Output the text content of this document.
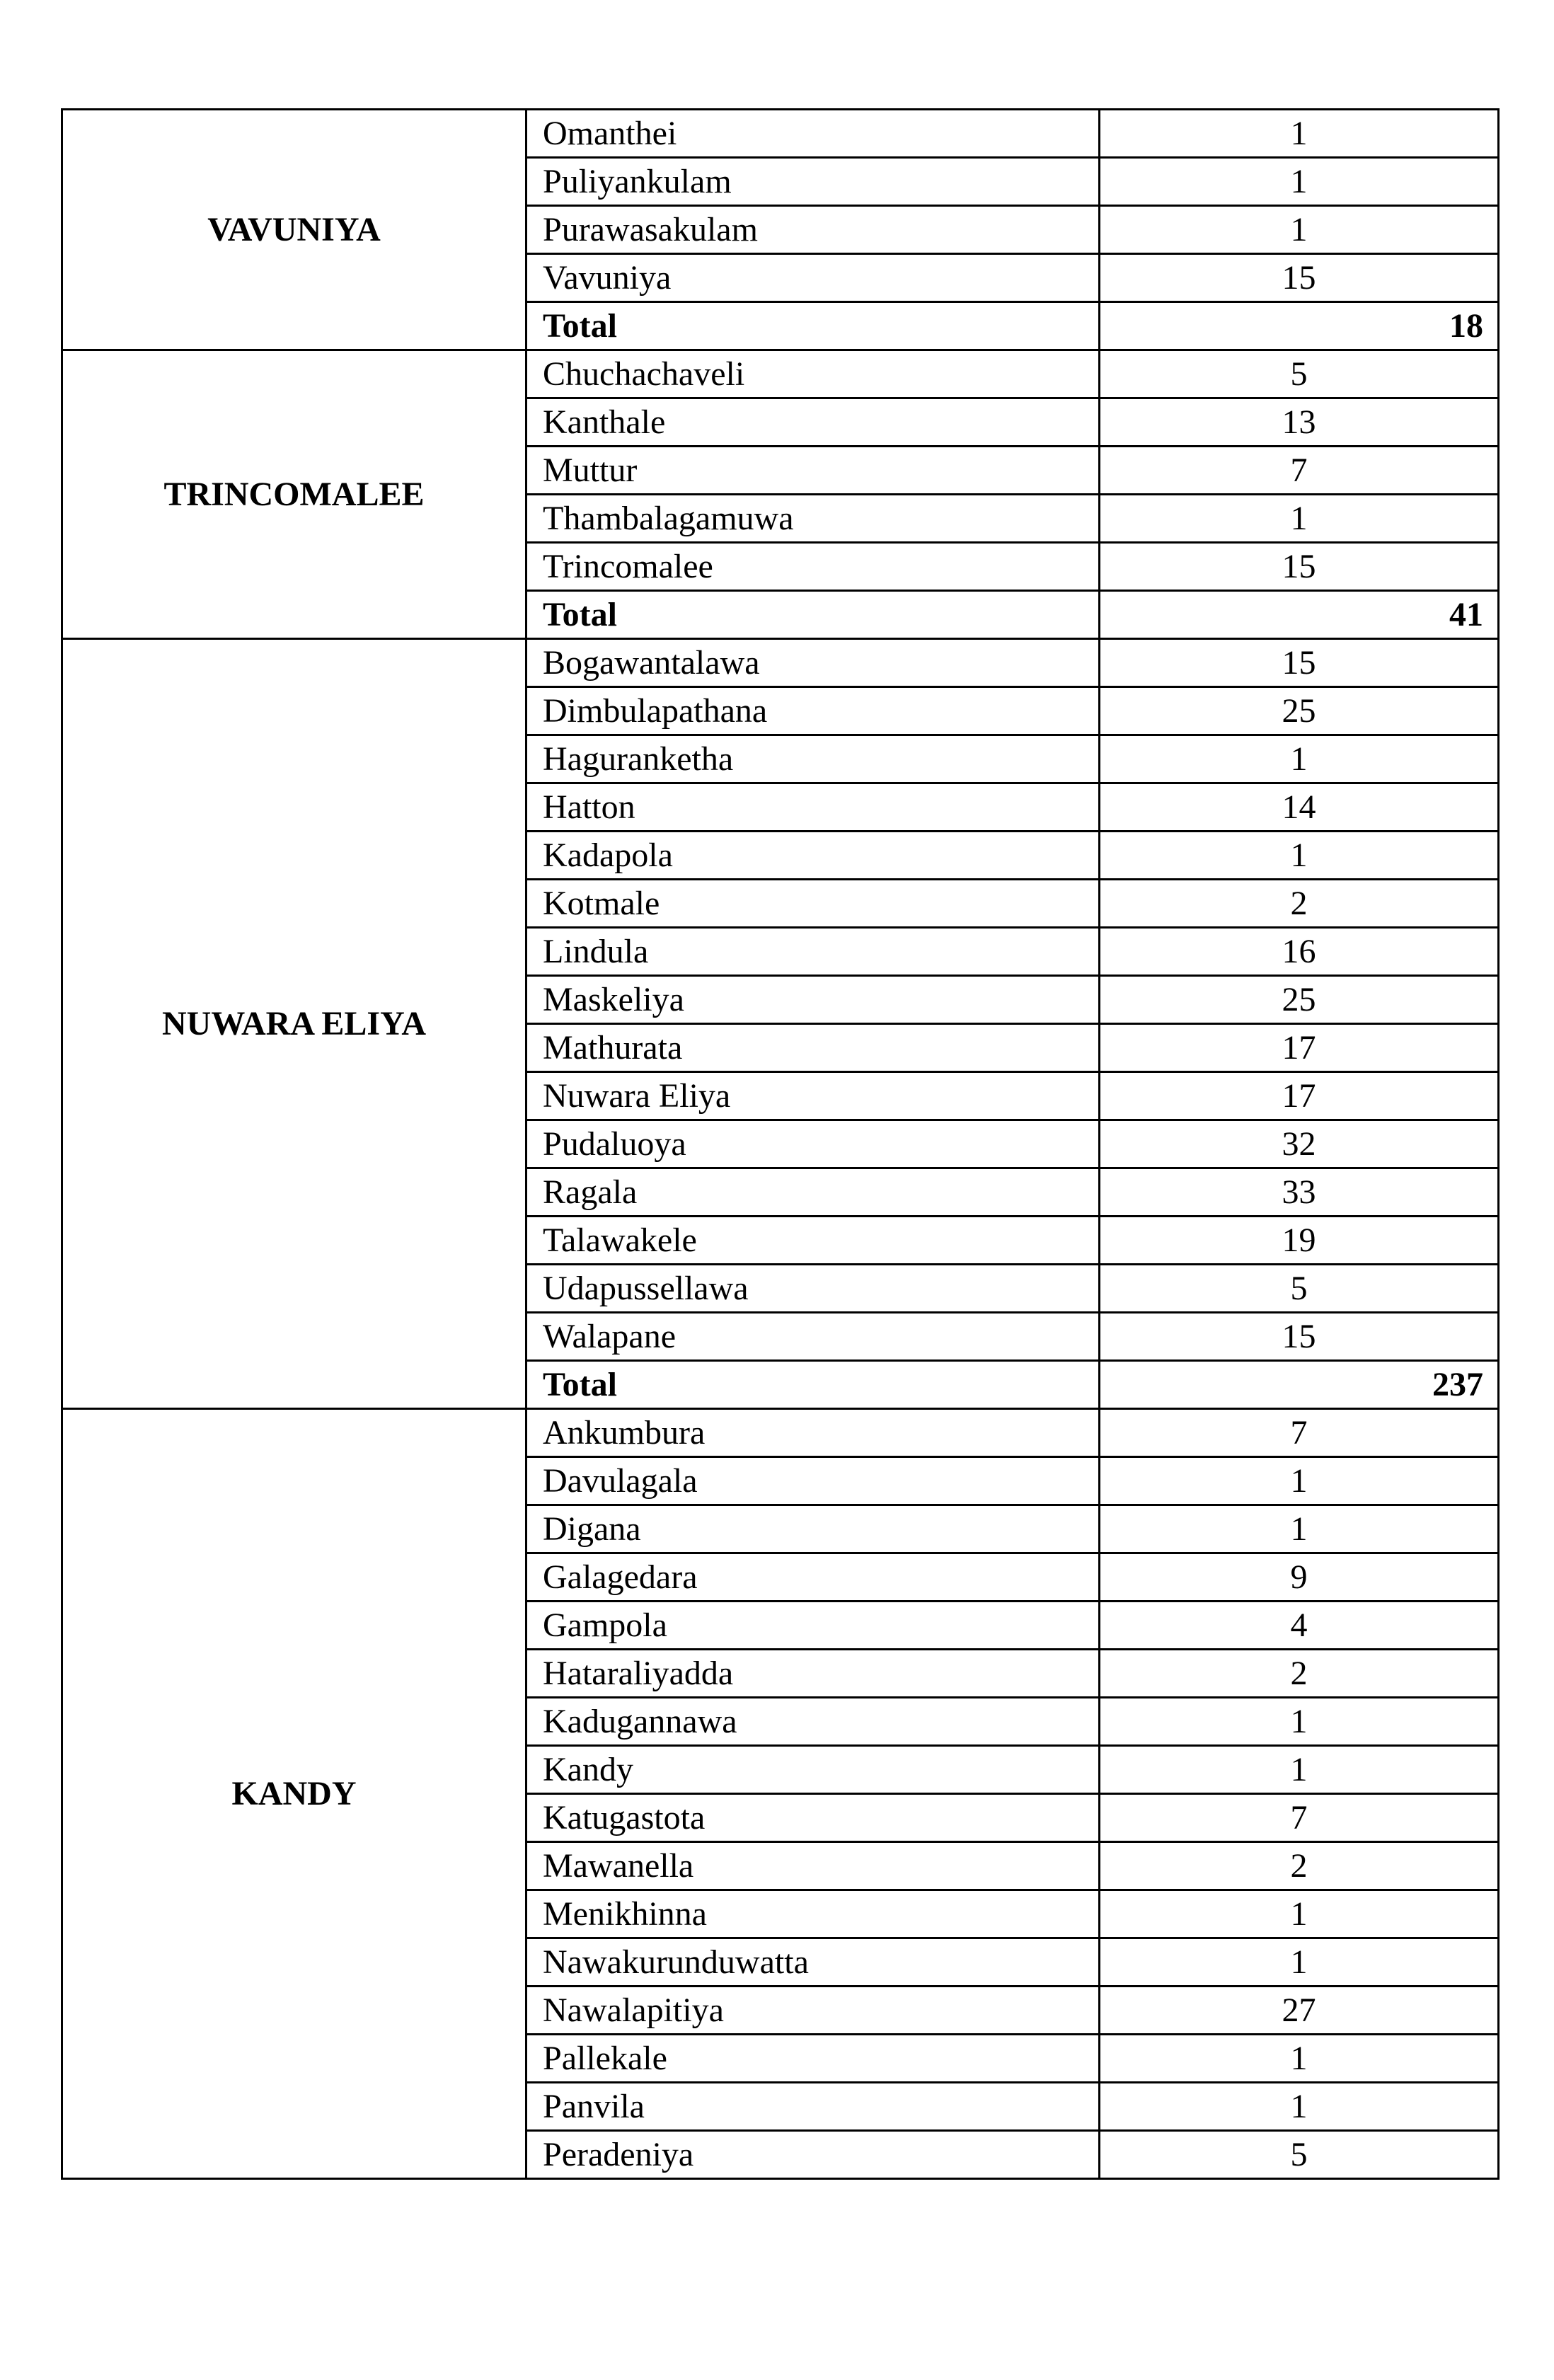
VAVUNIYA	Omanthei	1
	Puliyankulam	1
	Purawasakulam	1
	Vavuniya	15
	Total	18
TRINCOMALEE	Chuchachaveli	5
	Kanthale	13
	Muttur	7
	Thambalagamuwa	1
	Trincomalee	15
	Total	41
NUWARA ELIYA	Bogawantalawa	15
	Dimbulapathana	25
	Haguranketha	1
	Hatton	14
	Kadapola	1
	Kotmale	2
	Lindula	16
	Maskeliya	25
	Mathurata	17
	Nuwara Eliya	17
	Pudaluoya	32
	Ragala	33
	Talawakele	19
	Udapussellawa	5
	Walapane	15
	Total	237
KANDY	Ankumbura	7
	Davulagala	1
	Digana	1
	Galagedara	9
	Gampola	4
	Hataraliyadda	2
	Kadugannawa	1
	Kandy	1
	Katugastota	7
	Mawanella	2
	Menikhinna	1
	Nawakurunduwatta	1
	Nawalapitiya	27
	Pallekale	1
	Panvila	1
	Peradeniya	5
